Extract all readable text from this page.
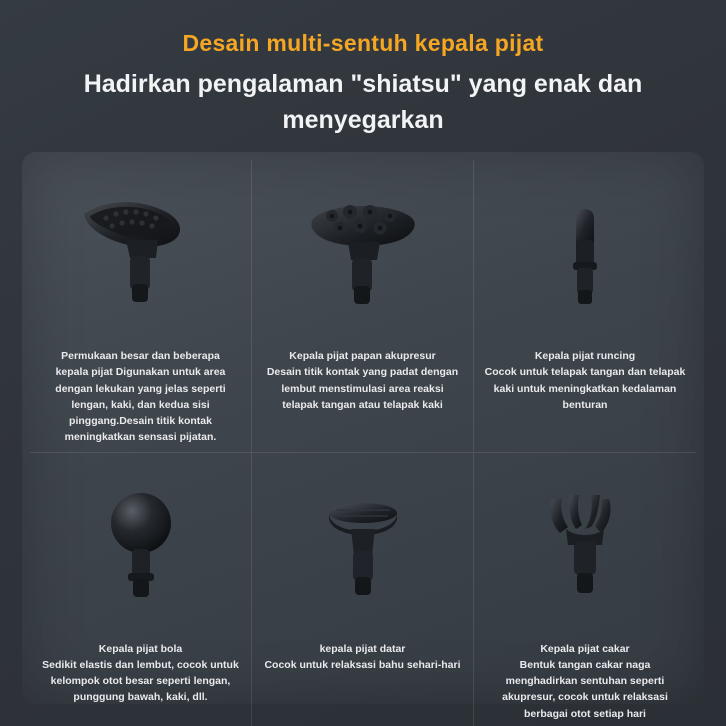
Desain multi-sentuh kepala pijat
Hadirkan pengalaman "shiatsu" yang enak dan menyegarkan
Permukaan besar dan beberapa
kepala pijat Digunakan untuk area dengan lekukan yang jelas seperti lengan, kaki, dan kedua sisi pinggang.Desain titik kontak meningkatkan sensasi pijatan.
Kepala pijat papan akupresur
Desain titik kontak yang padat dengan lembut menstimulasi area reaksi telapak tangan atau telapak kaki
Kepala pijat runcing
Cocok untuk telapak tangan dan telapak kaki untuk meningkatkan kedalaman benturan
Kepala pijat bola
Sedikit elastis dan lembut, cocok untuk kelompok otot besar seperti lengan, punggung bawah, kaki, dll.
kepala pijat datar
Cocok untuk relaksasi bahu sehari-hari
Kepala pijat cakar
Bentuk tangan cakar naga menghadirkan sentuhan seperti akupresur, cocok untuk relaksasi berbagai otot setiap hari
